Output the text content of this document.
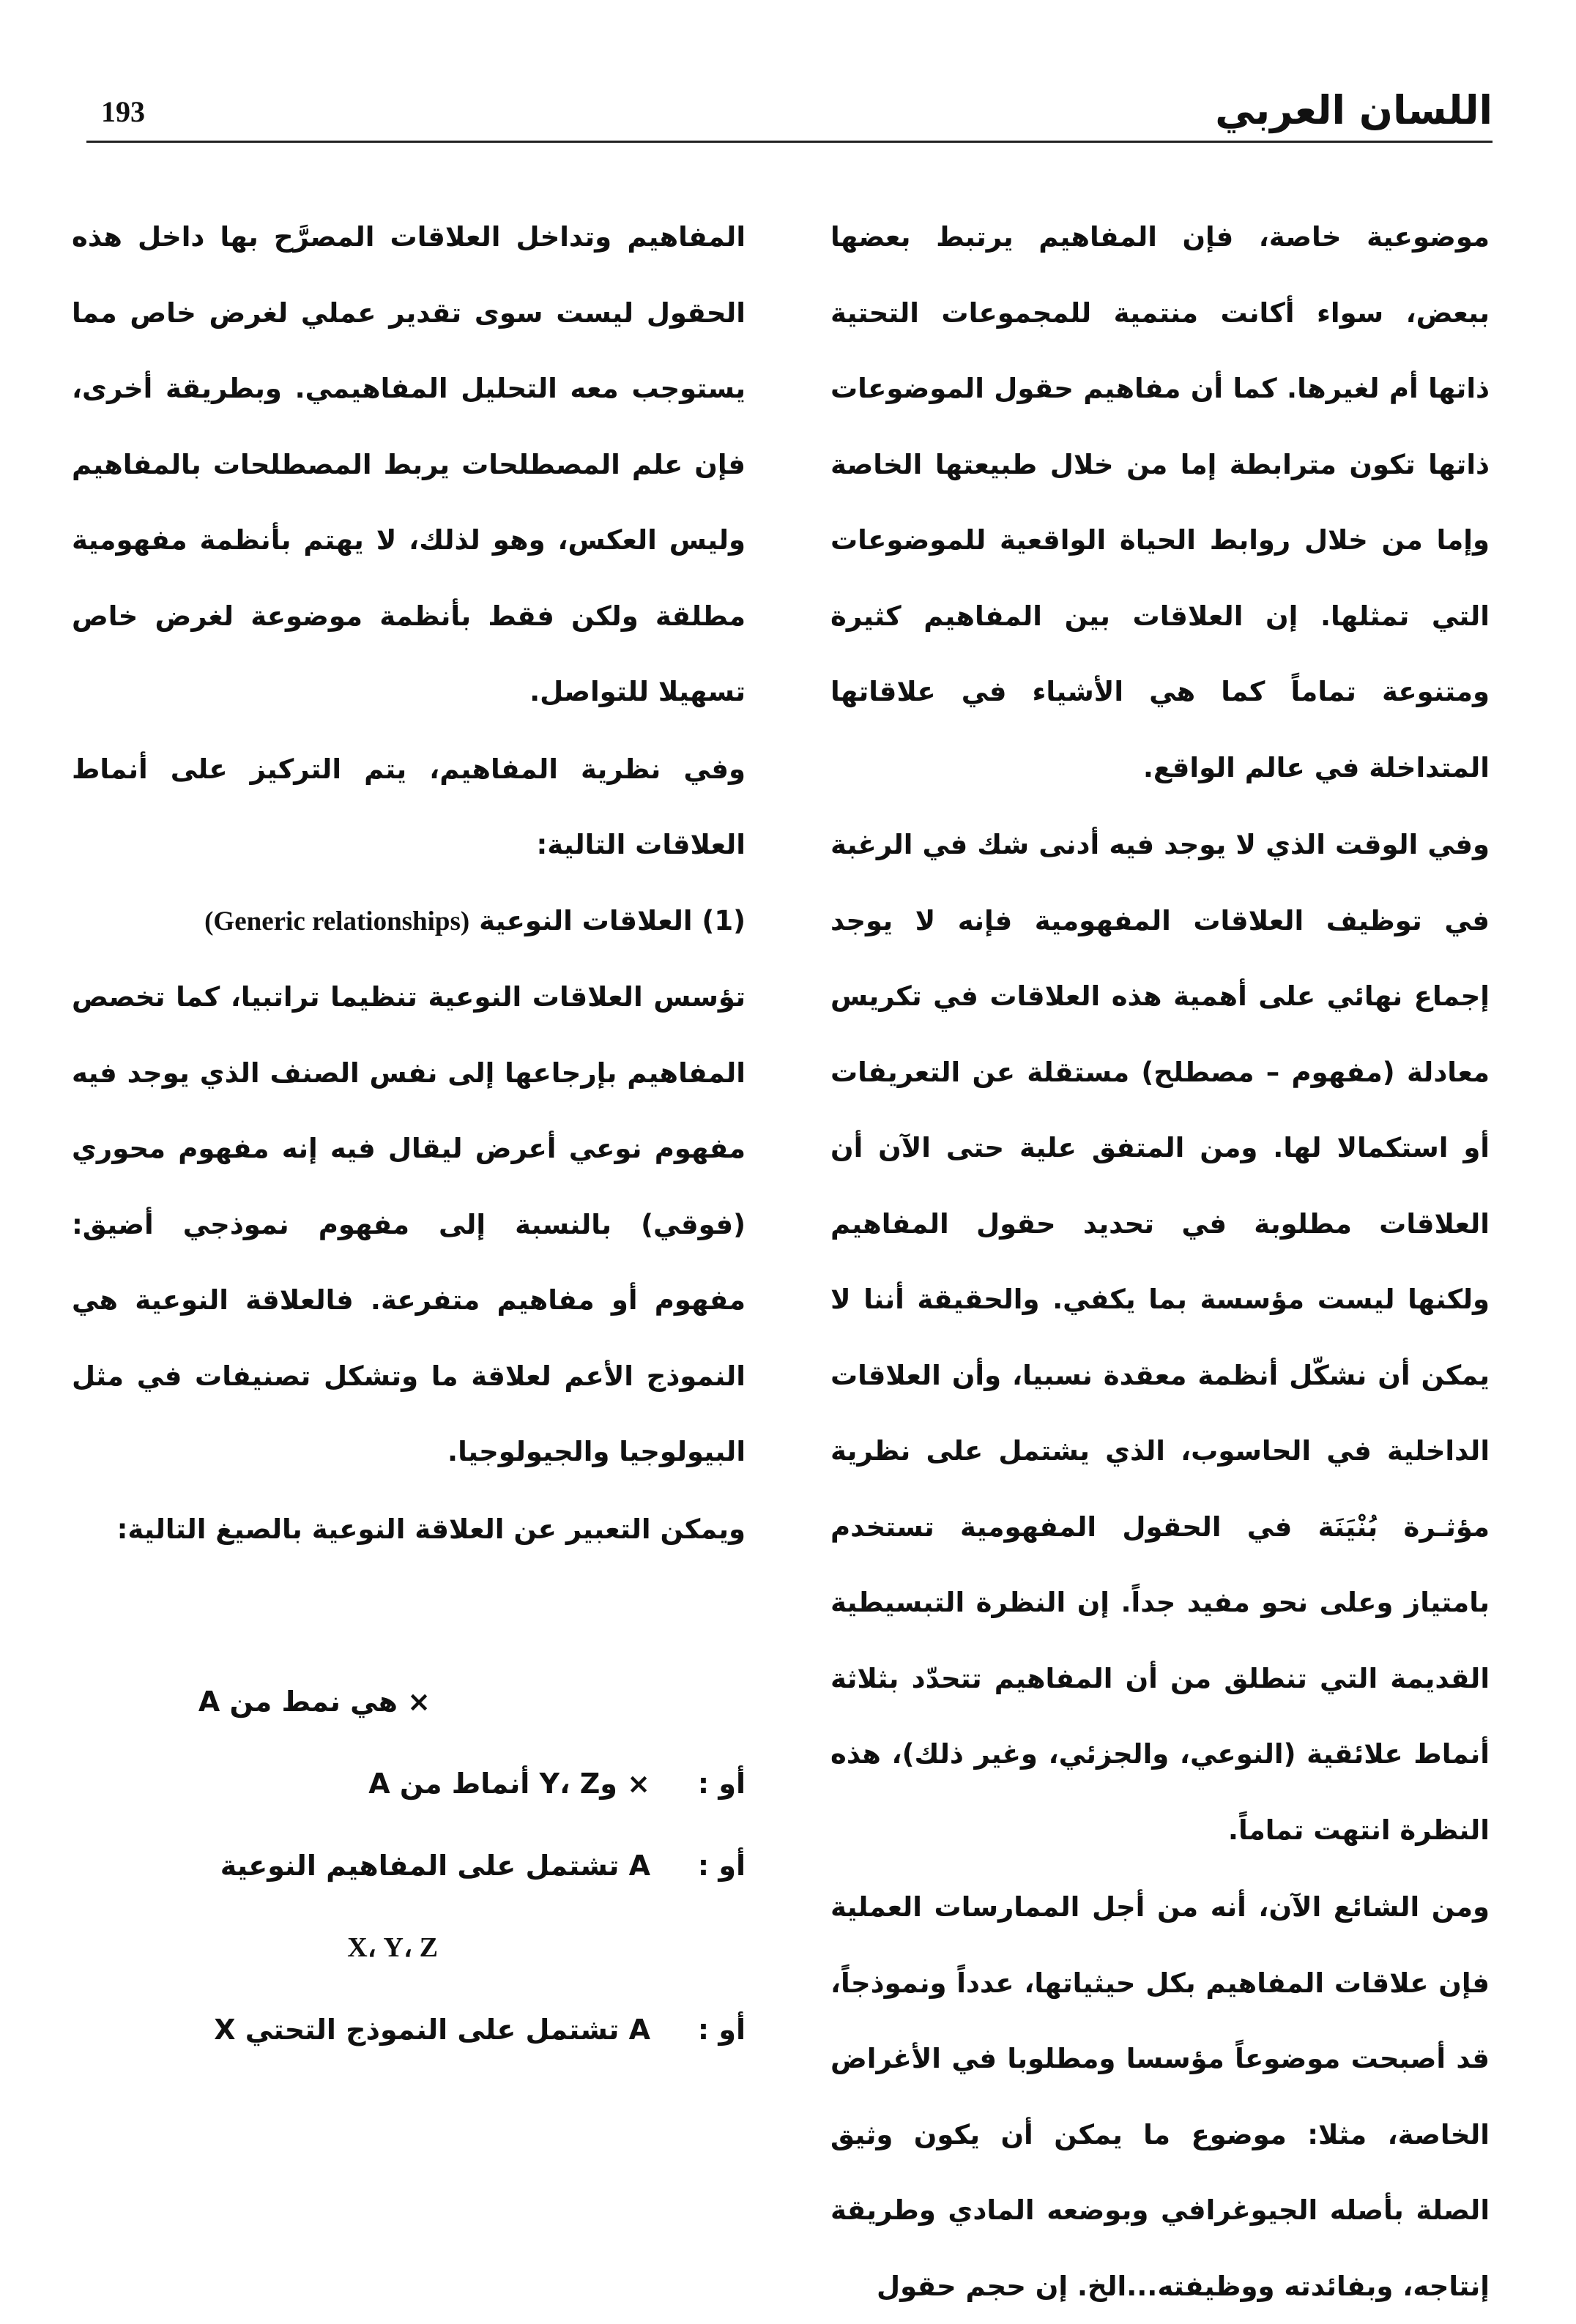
193	اللسان العربي

موضوعية خاصة، فإن المفاهيم يرتبط بعضها ببعض، سواء أكانت منتمية للمجموعات التحتية ذاتها أم لغيرها. كما أن مفاهيم حقول الموضوعات ذاتها تكون مترابطة إما من خلال طبيعتها الخاصة وإما من خلال روابط الحياة الواقعية للموضوعات التي تمثلها. إن العلاقات بين المفاهيم كثيرة ومتنوعة تماماً كما هي الأشياء في علاقاتها المتداخلة في عالم الواقع.

وفي الوقت الذي لا يوجد فيه أدنى شك في الرغبة في توظيف العلاقات المفهومية فإنه لا يوجد إجماع نهائي على أهمية هذه العلاقات في تكريس معادلة (مفهوم – مصطلح) مستقلة عن التعريفات أو استكمالا لها. ومن المتفق علية حتى الآن أن العلاقات مطلوبة في تحديد حقول المفاهيم ولكنها ليست مؤسسة بما يكفي. والحقيقة أننا لا يمكن أن نشكّل أنظمة معقدة نسبيا، وأن العلاقات الداخلية في الحاسوب، الذي يشتمل على نظرية مؤثـرة بُنْيَنَة في الحقول المفهومية تستخدم بامتياز وعلى نحو مفيد جداً. إن النظرة التبسيطية القديمة التي تنطلق من أن المفاهيم تتحدّد بثلاثة أنماط علائقية (النوعي، والجزئي، وغير ذلك)، هذه النظرة انتهت تماماً.

ومن الشائع الآن، أنه من أجل الممارسات العملية فإن علاقات المفاهيم بكل حيثياتها، عدداً ونموذجاً، قد أصبحت موضوعاً مؤسسا ومطلوبا في الأغراض الخاصة، مثلا: موضوع ما يمكن أن يكون وثيق الصلة بأصله الجيوغرافي وبوضعه المادي وطريقة إنتاجه، وبفائدته ووظيفته...الخ. إن حجم حقول

المفاهيم وتداخل العلاقات المصرَّح بها داخل هذه الحقول ليست سوى تقدير عملي لغرض خاص مما يستوجب معه التحليل المفاهيمي. وبطريقة أخرى، فإن علم المصطلحات يربط المصطلحات بالمفاهيم وليس العكس، وهو لذلك، لا يهتم بأنظمة مفهومية مطلقة ولكن فقط بأنظمة موضوعة لغرض خاص تسهيلا للتواصل.

وفي نظرية المفاهيم، يتم التركيز على أنماط العلاقات التالية:

(1) العلاقات النوعية (Generic relationships)

تؤسس العلاقات النوعية تنظيما تراتبيا، كما تخصص المفاهيم بإرجاعها إلى نفس الصنف الذي يوجد فيه مفهوم نوعي أعرض ليقال فيه إنه مفهوم محوري (فوقي) بالنسبة إلى مفهوم نموذجي أضيق: مفهوم أو مفاهيم متفرعة. فالعلاقة النوعية هي النموذج الأعم لعلاقة ما وتشكل تصنيفات في مثل البيولوجيا والجيولوجيا.

ويمكن التعبير عن العلاقة النوعية بالصيغ التالية:

× هي نمط من A
أو :
× وY، Z أنماط من A
أو :
A تشتمل على المفاهيم النوعية
X، Y، Z
أو :
A تشتمل على النموذج التحتي X
